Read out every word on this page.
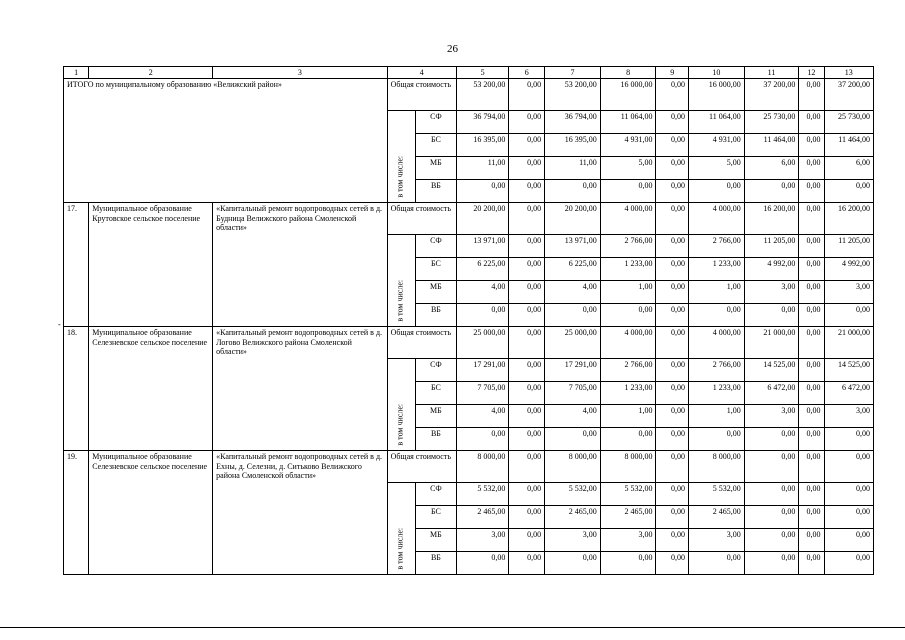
26
-
1	2	3	4		5	6	7	8	9	10	11	12	13
ИТОГО по муниципальному образованию «Велижский район»			Общая стоимость		53 200,00	0,00	53 200,00	16 000,00	0,00	16 000,00	37 200,00	0,00	37 200,00

			в том числе:	СФ	36 794,00	0,00	36 794,00	11 064,00	0,00	11 064,00	25 730,00	0,00	25 730,00
				БС	16 395,00	0,00	16 395,00	4 931,00	0,00	4 931,00	11 464,00	0,00	11 464,00
				МБ	11,00	0,00	11,00	5,00	0,00	5,00	6,00	0,00	6,00
				ВБ	0,00	0,00	0,00	0,00	0,00	0,00	0,00	0,00	0,00
17.	Муниципальное образование Крутовское сельское поселение	«Капитальный ремонт водопроводных сетей в д. Будница Велижского района Смоленской области»	Общая стоимость		20 200,00	0,00	20 200,00	4 000,00	0,00	4 000,00	16 200,00	0,00	16 200,00

			в том числе:	СФ	13 971,00	0,00	13 971,00	2 766,00	0,00	2 766,00	11 205,00	0,00	11 205,00
				БС	6 225,00	0,00	6 225,00	1 233,00	0,00	1 233,00	4 992,00	0,00	4 992,00
				МБ	4,00	0,00	4,00	1,00	0,00	1,00	3,00	0,00	3,00
				ВБ	0,00	0,00	0,00	0,00	0,00	0,00	0,00	0,00	0,00
18.	Муниципальное образование Селезневское сельское поселение	«Капитальный ремонт водопроводных сетей в д. Логово Велижского района Смоленской области»	Общая стоимость		25 000,00	0,00	25 000,00	4 000,00	0,00	4 000,00	21 000,00	0,00	21 000,00

			в том числе:	СФ	17 291,00	0,00	17 291,00	2 766,00	0,00	2 766,00	14 525,00	0,00	14 525,00
				БС	7 705,00	0,00	7 705,00	1 233,00	0,00	1 233,00	6 472,00	0,00	6 472,00
				МБ	4,00	0,00	4,00	1,00	0,00	1,00	3,00	0,00	3,00
				ВБ	0,00	0,00	0,00	0,00	0,00	0,00	0,00	0,00	0,00
19.	Муниципальное образование Селезневское сельское поселение	«Капитальный ремонт водопроводных сетей в д. Ехны, д. Селезни, д. Ситьково Велижского района Смоленской области»	Общая стоимость		8 000,00	0,00	8 000,00	8 000,00	0,00	8 000,00	0,00	0,00	0,00

			в том числе:	СФ	5 532,00	0,00	5 532,00	5 532,00	0,00	5 532,00	0,00	0,00	0,00
				БС	2 465,00	0,00	2 465,00	2 465,00	0,00	2 465,00	0,00	0,00	0,00
				МБ	3,00	0,00	3,00	3,00	0,00	3,00	0,00	0,00	0,00
				ВБ	0,00	0,00	0,00	0,00	0,00	0,00	0,00	0,00	0,00
